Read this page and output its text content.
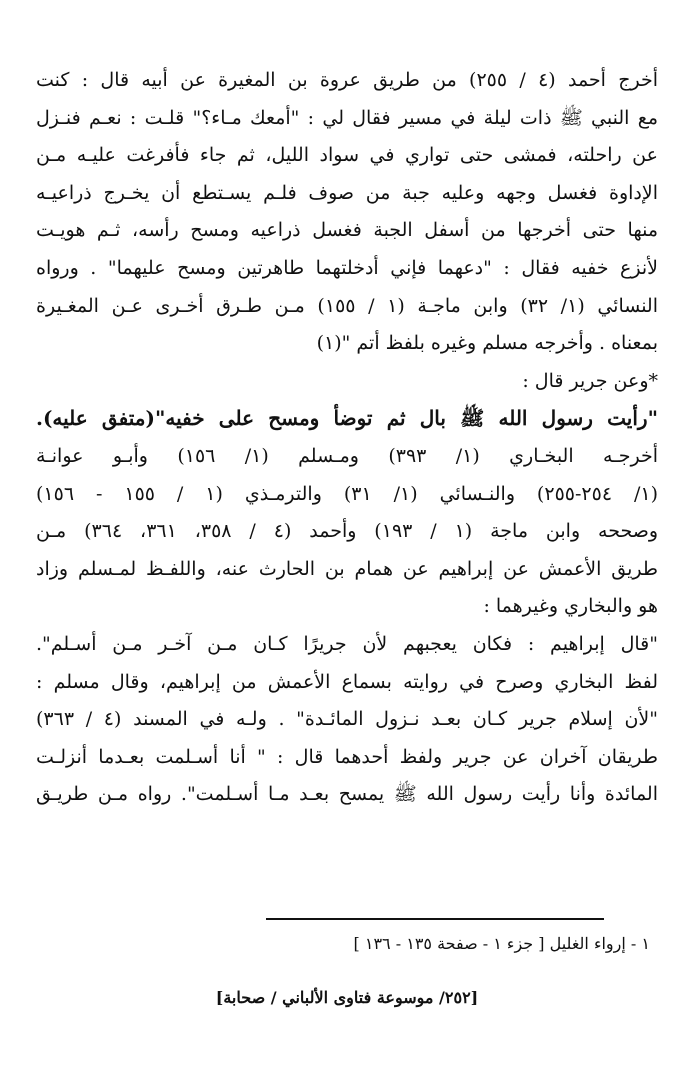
أخرج أحمد (٤ / ٢٥٥) من طريق عروة بن المغيرة عن أبيه قال : كنت
مع النبي ﷺ ذات ليلة في مسير فقال لي : "أمعك مـاء؟" قلـت : نعـم فنـزل
عن راحلته، فمشى حتى تواري في سواد الليل، ثم جاء فأفرغت عليـه مـن
الإداوة فغسل وجهه وعليه جبة من صوف فلـم يسـتطع أن يخـرج ذراعيـه
منها حتى أخرجها من أسفل الجبة فغسل ذراعيه ومسح رأسه، ثـم هويـت
لأنزع خفيه فقال : "دعهما فإني أدخلتهما طاهرتين ومسح عليهما" . ورواه
النسائي (١/ ٣٢) وابن ماجـة (١ / ١٥٥) مـن طـرق أخـرى عـن المغـيرة
بمعناه . وأخرجه مسلم وغيره بلفظ أتم "(١)
*وعن جرير قال :
"رأيت رسول الله ﷺ بال ثم توضأ ومسح على خفيه"(متفق عليه).
أخرجـه البخـاري (١/ ٣٩٣) ومـسلم (١/ ١٥٦) وأبـو عوانـة
(١/ ٢٥٤-٢٥٥) والنـسائي (١/ ٣١) والترمـذي (١ / ١٥٥ - ١٥٦)
وصححه وابن ماجة (١ / ١٩٣) وأحمد (٤ / ٣٥٨، ٣٦١، ٣٦٤) مـن
طريق الأعمش عن إبراهيم عن همام بن الحارث عنه، واللفـظ لمـسلم وزاد
هو والبخاري وغيرهما :
"قال إبراهيم : فكان يعجبهم لأن جريرًا كـان مـن آخـر مـن أسـلم".
لفظ البخاري وصرح في روايته بسماع الأعمش من إبراهيم، وقال مسلم :
"لأن إسلام جرير كـان بعـد نـزول المائـدة" . ولـه في المسند (٤ / ٣٦٣)
طريقان آخران عن جرير ولفظ أحدهما قال : " أنا أسـلمت بعـدما أنزلـت
المائدة وأنا رأيت رسول الله ﷺ يمسح بعـد مـا أسـلمت". رواه مـن طريـق
١ - إرواء الغليل [ جزء ١ - صفحة ١٣٥ - ١٣٦ ]
[٢٥٢/ موسوعة فتاوى الألباني / صحابة]
